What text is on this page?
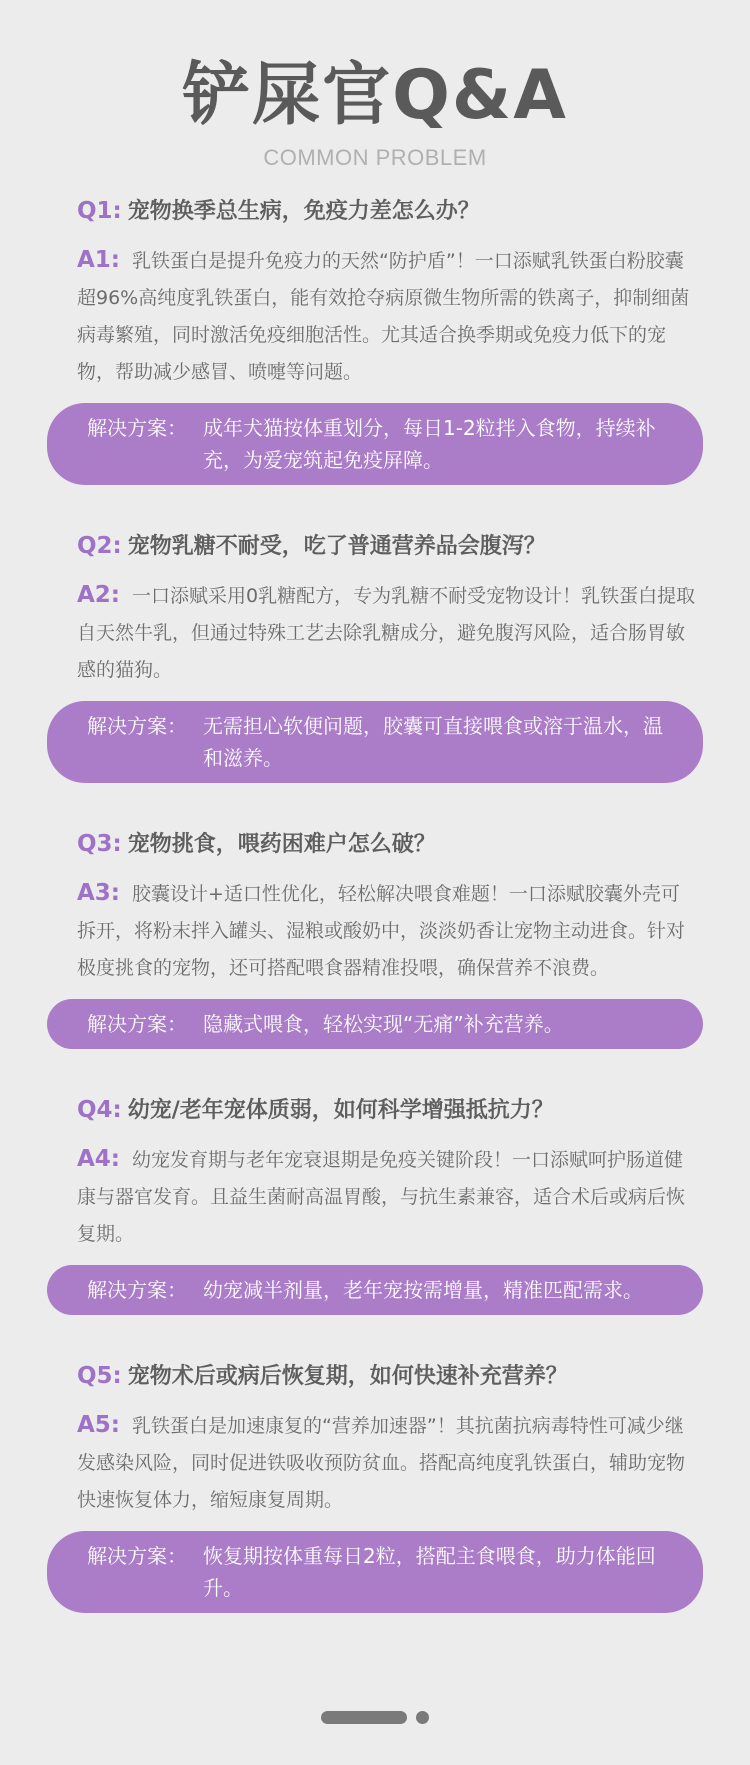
铲屎官Q&A

COMMON PROBLEM

Q1: 宠物换季总生病，免疫力差怎么办？
A1: 乳铁蛋白是提升免疫力的天然“防护盾”！一口添赋乳铁蛋白粉胶囊超96%高纯度乳铁蛋白，能有效抢夺病原微生物所需的铁离子，抑制细菌病毒繁殖，同时激活免疫细胞活性。尤其适合换季期或免疫力低下的宠物，帮助减少感冒、喷嚏等问题。
解决方案： 成年犬猫按体重划分，每日1-2粒拌入食物，持续补充，为爱宠筑起免疫屏障。
Q2: 宠物乳糖不耐受，吃了普通营养品会腹泻？
A2: 一口添赋采用0乳糖配方，专为乳糖不耐受宠物设计！乳铁蛋白提取自天然牛乳，但通过特殊工艺去除乳糖成分，避免腹泻风险，适合肠胃敏感的猫狗。
解决方案： 无需担心软便问题，胶囊可直接喂食或溶于温水，温和滋养。
Q3: 宠物挑食，喂药困难户怎么破？
A3: 胶囊设计+适口性优化，轻松解决喂食难题！一口添赋胶囊外壳可拆开，将粉末拌入罐头、湿粮或酸奶中，淡淡奶香让宠物主动进食。针对极度挑食的宠物，还可搭配喂食器精准投喂，确保营养不浪费。
解决方案： 隐藏式喂食，轻松实现“无痛”补充营养。
Q4: 幼宠/老年宠体质弱，如何科学增强抵抗力？
A4: 幼宠发育期与老年宠衰退期是免疫关键阶段！一口添赋呵护肠道健康与器官发育。且益生菌耐高温胃酸，与抗生素兼容，适合术后或病后恢复期。
解决方案： 幼宠减半剂量，老年宠按需增量，精准匹配需求。
Q5: 宠物术后或病后恢复期，如何快速补充营养？
A5: 乳铁蛋白是加速康复的“营养加速器”！其抗菌抗病毒特性可减少继发感染风险，同时促进铁吸收预防贫血。搭配高纯度乳铁蛋白，辅助宠物快速恢复体力，缩短康复周期。
解决方案： 恢复期按体重每日2粒，搭配主食喂食，助力体能回升。
